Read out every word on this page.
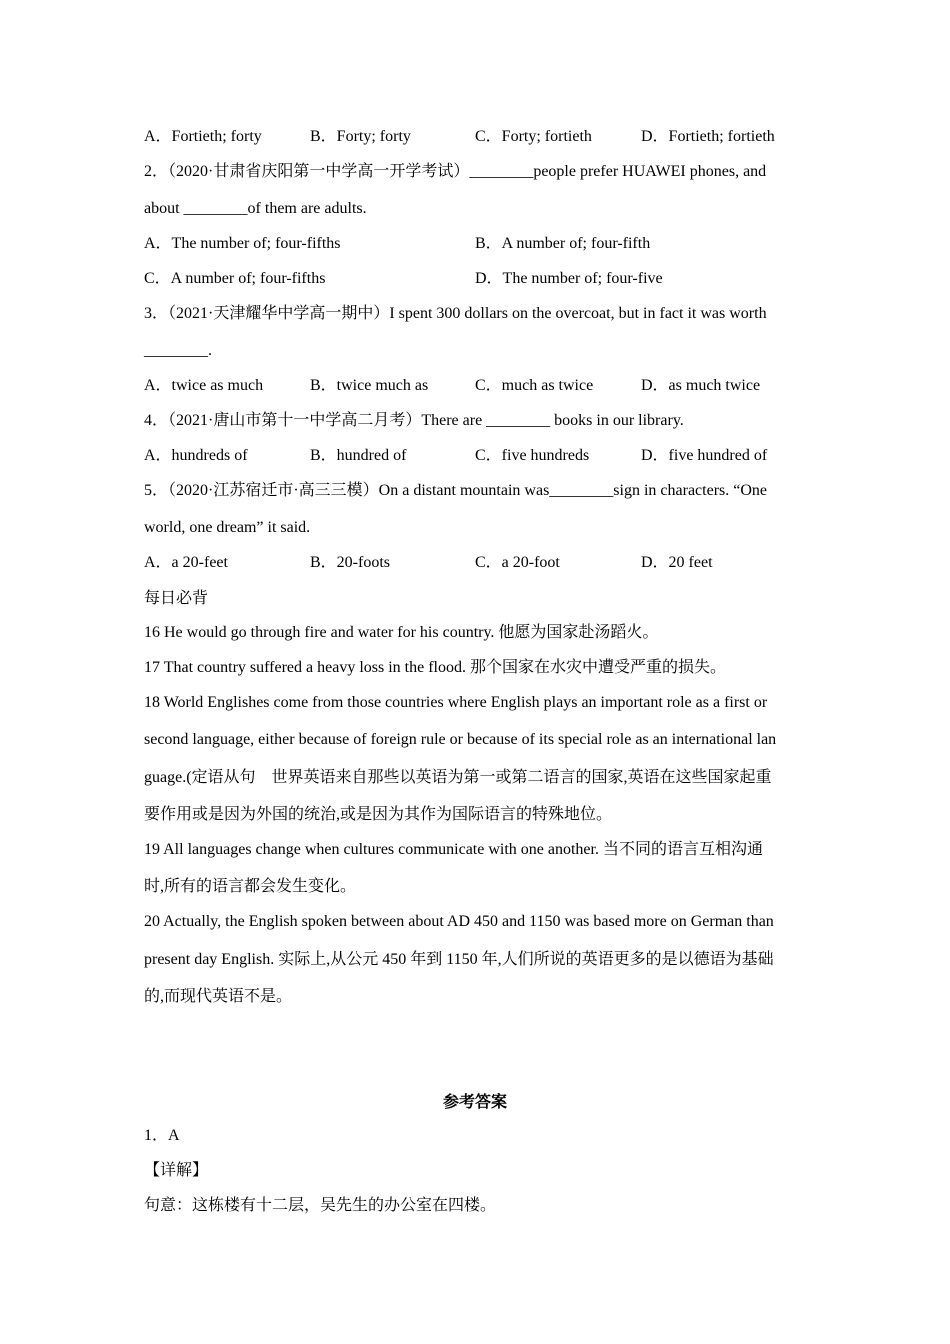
A．Fortieth; forty	B．Forty; forty	C．Forty; fortieth	D．Fortieth; fortieth
2．（2020·甘肃省庆阳第一中学高一开学考试）________people prefer HUAWEI phones, and
about ________of them are adults.
A．The number of; four-fifths	B．A number of; four-fifth
C．A number of; four-fifths	D．The number of; four-five
3．（2021·天津耀华中学高一期中）I spent 300 dollars on the overcoat, but in fact it was worth
________.
A．twice as much	B．twice much as	C．much as twice	D．as much twice
4．（2021·唐山市第十一中学高二月考）There are ________ books in our library.
A．hundreds of	B．hundred of	C．five hundreds	D．five hundred of
5．（2020·江苏宿迁市·高三三模）On a distant mountain was________sign in characters. “One
world, one dream” it said.
A．a 20-feet	B．20-foots	C．a 20-foot	D．20 feet
每日必背
16 He would go through fire and water for his country. 他愿为国家赴汤蹈火。
17 That country suffered a heavy loss in the flood. 那个国家在水灾中遭受严重的损失。
18 World Englishes come from those countries where English plays an important role as a first or
second language, either because of foreign rule or because of its special role as an international lan
guage.(定语从句　世界英语来自那些以英语为第一或第二语言的国家,英语在这些国家起重
要作用或是因为外国的统治,或是因为其作为国际语言的特殊地位。
19 All languages change when cultures communicate with one another. 当不同的语言互相沟通
时,所有的语言都会发生变化。
20 Actually, the English spoken between about AD 450 and 1150 was based more on German than
present day English. 实际上,从公元 450 年到 1150 年,人们所说的英语更多的是以德语为基础
的,而现代英语不是。
参考答案
1．A
【详解】
句意：这栋楼有十二层，吴先生的办公室在四楼。
